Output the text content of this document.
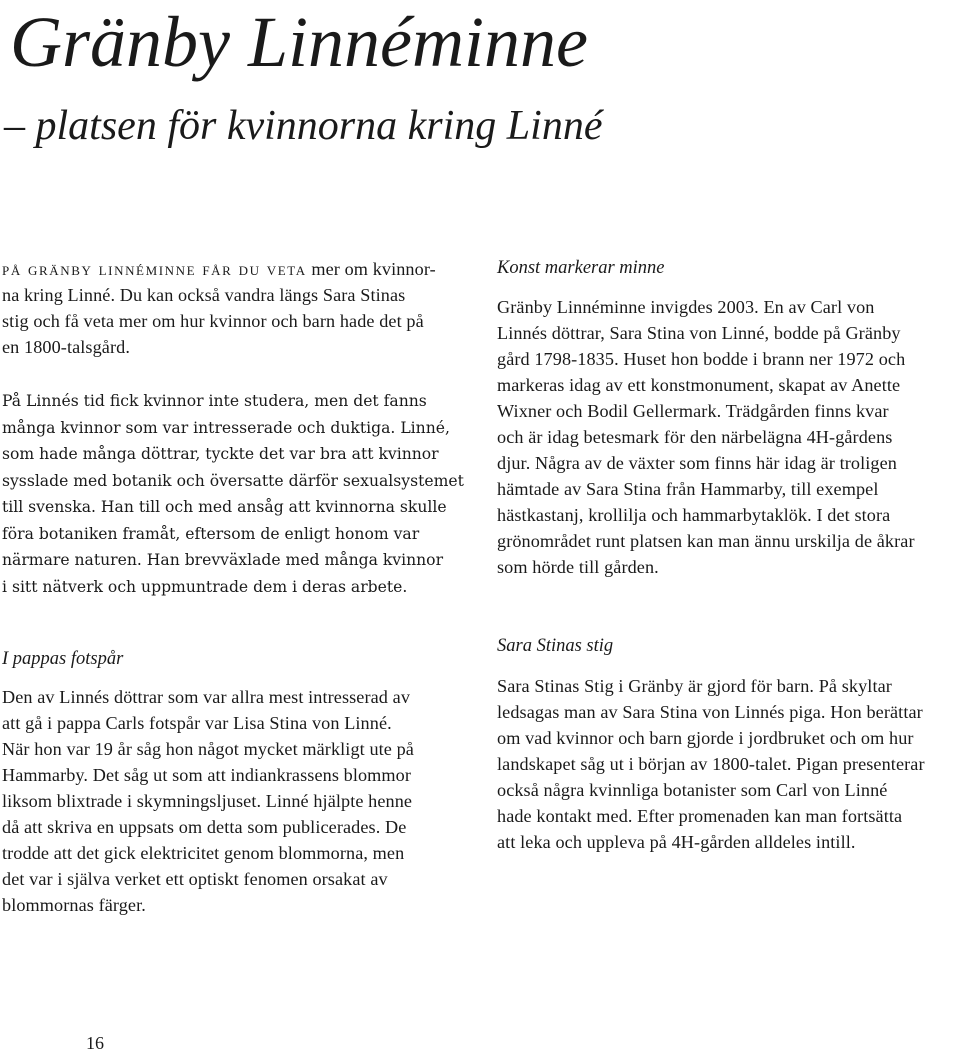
Gränby Linnéminne
– platsen för kvinnorna kring Linné

på gränby linnéminne får du veta mer om kvinnor-
na kring Linné. Du kan också vandra längs Sara Stinas
stig och få veta mer om hur kvinnor och barn hade det på
en 1800-talsgård.

På Linnés tid fick kvinnor inte studera, men det fanns
många kvinnor som var intresserade och duktiga. Linné,
som hade många döttrar, tyckte det var bra att kvinnor
sysslade med botanik och översatte därför sexualsystemet
till svenska. Han till och med ansåg att kvinnorna skulle
föra botaniken framåt, eftersom de enligt honom var
närmare naturen. Han brevväxlade med många kvinnor
i sitt nätverk och uppmuntrade dem i deras arbete.

I pappas fotspår

Den av Linnés döttrar som var allra mest intresserad av
att gå i pappa Carls fotspår var Lisa Stina von Linné.
När hon var 19 år såg hon något mycket märkligt ute på
Hammarby. Det såg ut som att indiankrassens blommor
liksom blixtrade i skymningsljuset. Linné hjälpte henne
då att skriva en uppsats om detta som publicerades. De
trodde att det gick elektricitet genom blommorna, men
det var i själva verket ett optiskt fenomen orsakat av
blommornas färger.

Konst markerar minne

Gränby Linnéminne invigdes 2003. En av Carl von
Linnés döttrar, Sara Stina von Linné, bodde på Gränby
gård 1798-1835. Huset hon bodde i brann ner 1972 och
markeras idag av ett konstmonument, skapat av Anette
Wixner och Bodil Gellermark. Trädgården finns kvar
och är idag betesmark för den närbelägna 4H-gårdens
djur. Några av de växter som finns här idag är troligen
hämtade av Sara Stina från Hammarby, till exempel
hästkastanj, krollilja och hammarbytaklök. I det stora
grönområdet runt platsen kan man ännu urskilja de åkrar
som hörde till gården.

Sara Stinas stig

Sara Stinas Stig i Gränby är gjord för barn. På skyltar
ledsagas man av Sara Stina von Linnés piga. Hon berättar
om vad kvinnor och barn gjorde i jordbruket och om hur
landskapet såg ut i början av 1800-talet. Pigan presenterar
också några kvinnliga botanister som Carl von Linné
hade kontakt med. Efter promenaden kan man fortsätta
att leka och uppleva på 4H-gården alldeles intill.

16
